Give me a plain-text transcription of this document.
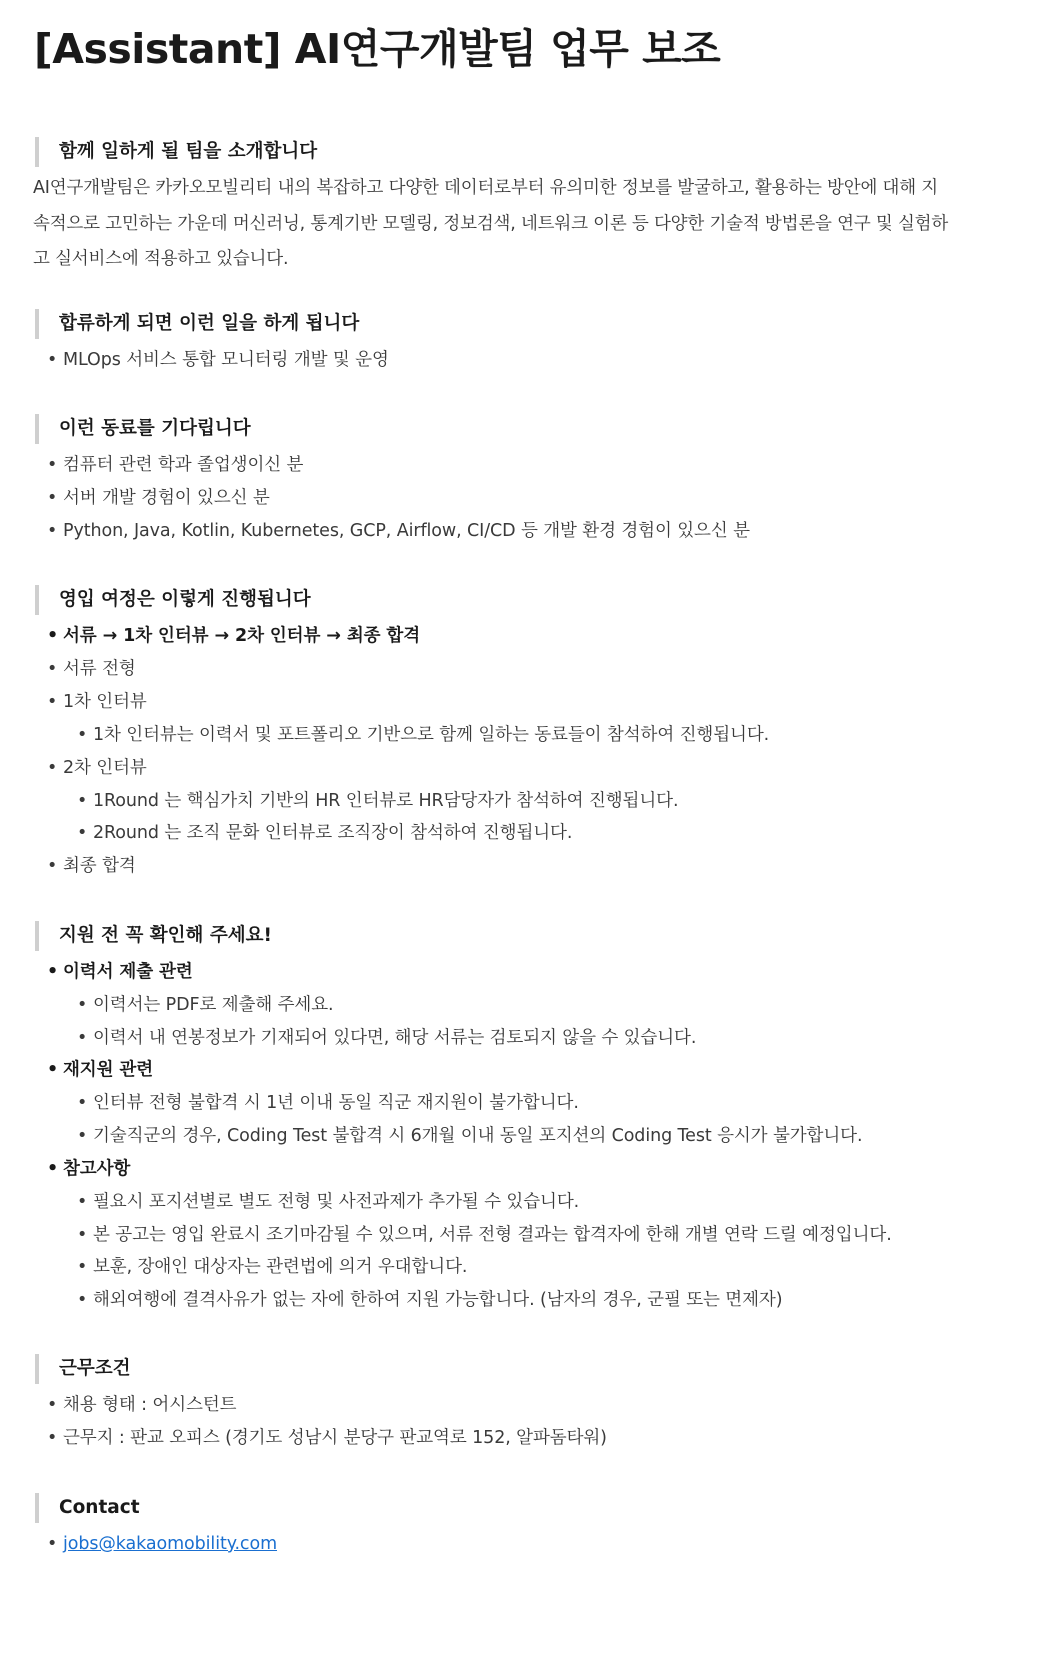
[Assistant] AI연구개발팀 업무 보조
함께 일하게 될 팀을 소개합니다
AI연구개발팀은 카카오모빌리티 내의 복잡하고 다양한 데이터로부터 유의미한 정보를 발굴하고, 활용하는 방안에 대해 지
속적으로 고민하는 가운데 머신러닝, 통계기반 모델링, 정보검색, 네트워크 이론 등 다양한 기술적 방법론을 연구 및 실험하
고 실서비스에 적용하고 있습니다.
합류하게 되면 이런 일을 하게 됩니다
• MLOps 서비스 통합 모니터링 개발 및 운영
이런 동료를 기다립니다
• 컴퓨터 관련 학과 졸업생이신 분
• 서버 개발 경험이 있으신 분
• Python, Java, Kotlin, Kubernetes, GCP, Airflow, CI/CD 등 개발 환경 경험이 있으신 분
영입 여정은 이렇게 진행됩니다
• 서류 → 1차 인터뷰 → 2차 인터뷰 → 최종 합격
• 서류 전형
• 1차 인터뷰
• 1차 인터뷰는 이력서 및 포트폴리오 기반으로 함께 일하는 동료들이 참석하여 진행됩니다.
• 2차 인터뷰
• 1Round 는 핵심가치 기반의 HR 인터뷰로 HR담당자가 참석하여 진행됩니다.
• 2Round 는 조직 문화 인터뷰로 조직장이 참석하여 진행됩니다.
• 최종 합격
지원 전 꼭 확인해 주세요!
• 이력서 제출 관련
• 이력서는 PDF로 제출해 주세요.
• 이력서 내 연봉정보가 기재되어 있다면, 해당 서류는 검토되지 않을 수 있습니다.
• 재지원 관련
• 인터뷰 전형 불합격 시 1년 이내 동일 직군 재지원이 불가합니다.
• 기술직군의 경우, Coding Test 불합격 시 6개월 이내 동일 포지션의 Coding Test 응시가 불가합니다.
• 참고사항
• 필요시 포지션별로 별도 전형 및 사전과제가 추가될 수 있습니다.
• 본 공고는 영입 완료시 조기마감될 수 있으며, 서류 전형 결과는 합격자에 한해 개별 연락 드릴 예정입니다.
• 보훈, 장애인 대상자는 관련법에 의거 우대합니다.
• 해외여행에 결격사유가 없는 자에 한하여 지원 가능합니다. (남자의 경우, 군필 또는 면제자)
근무조건
• 채용 형태 : 어시스턴트
• 근무지 : 판교 오피스 (경기도 성남시 분당구 판교역로 152, 알파돔타워)
Contact
• jobs@kakaomobility.com
